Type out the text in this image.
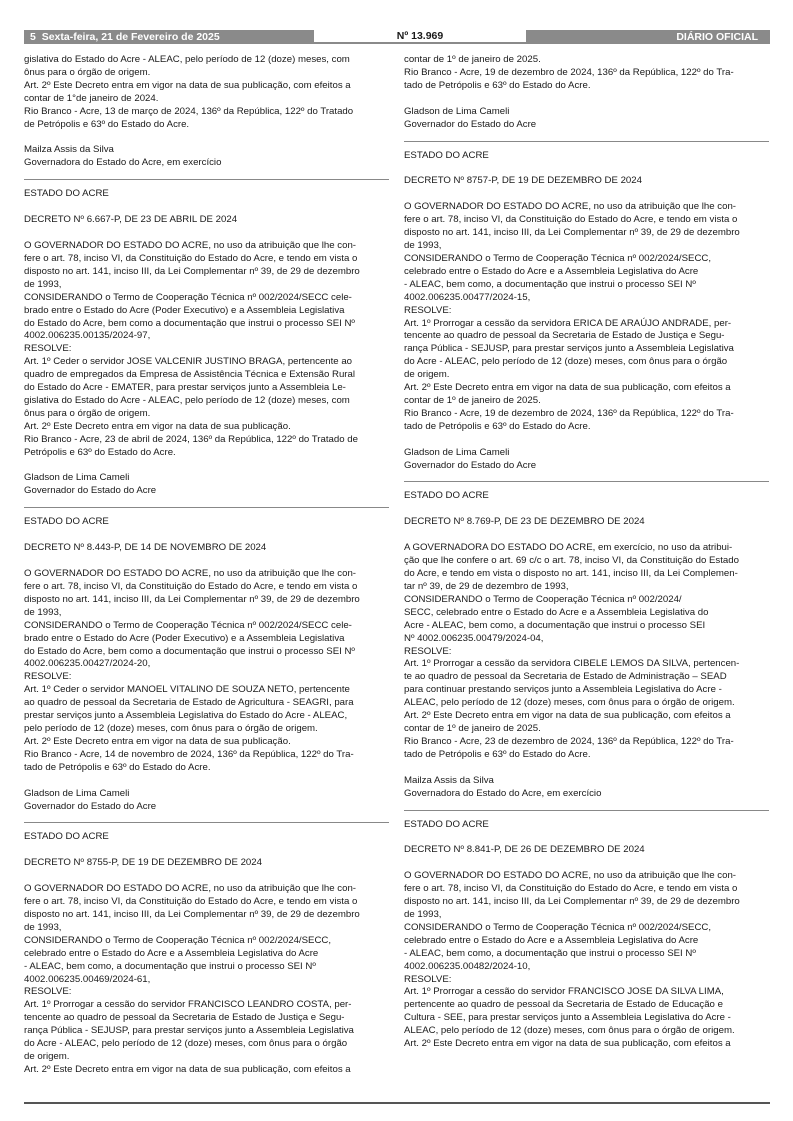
5 Sexta-feira, 21 de Fevereiro de 2025	Nº 13.969	DIÁRIO OFICIAL
gislativa do Estado do Acre - ALEAC, pelo período de 12 (doze) meses, com
ônus para o órgão de origem.
Art. 2º Este Decreto entra em vigor na data de sua publicação, com efeitos a
contar de 1°de janeiro de 2024.
Rio Branco - Acre, 13 de março de 2024, 136º da República, 122º do Tratado
de Petrópolis e 63º do Estado do Acre.
Mailza Assis da Silva
Governadora do Estado do Acre, em exercício
ESTADO DO ACRE
DECRETO Nº 6.667-P, DE 23 DE ABRIL DE 2024
O GOVERNADOR DO ESTADO DO ACRE, no uso da atribuição que lhe con-
fere o art. 78, inciso VI, da Constituição do Estado do Acre, e tendo em vista o
disposto no art. 141, inciso III, da Lei Complementar nº 39, de 29 de dezembro
de 1993,
CONSIDERANDO o Termo de Cooperação Técnica nº 002/2024/SECC cele-
brado entre o Estado do Acre (Poder Executivo) e a Assembleia Legislativa
do Estado do Acre, bem como a documentação que instrui o processo SEI Nº
4002.006235.00135/2024-97,
RESOLVE:
Art. 1º Ceder o servidor JOSE VALCENIR JUSTINO BRAGA, pertencente ao
quadro de empregados da Empresa de Assistência Técnica e Extensão Rural
do Estado do Acre - EMATER, para prestar serviços junto a Assembleia Le-
gislativa do Estado do Acre - ALEAC, pelo período de 12 (doze) meses, com
ônus para o órgão de origem.
Art. 2º Este Decreto entra em vigor na data de sua publicação.
Rio Branco - Acre, 23 de abril de 2024, 136º da República, 122º do Tratado de
Petrópolis e 63º do Estado do Acre.
Gladson de Lima Cameli
Governador do Estado do Acre
ESTADO DO ACRE
DECRETO Nº 8.443-P, DE 14 DE NOVEMBRO DE 2024
O GOVERNADOR DO ESTADO DO ACRE, no uso da atribuição que lhe con-
fere o art. 78, inciso VI, da Constituição do Estado do Acre, e tendo em vista o
disposto no art. 141, inciso III, da Lei Complementar nº 39, de 29 de dezembro
de 1993,
CONSIDERANDO o Termo de Cooperação Técnica nº 002/2024/SECC cele-
brado entre o Estado do Acre (Poder Executivo) e a Assembleia Legislativa
do Estado do Acre, bem como a documentação que instrui o processo SEI Nº
4002.006235.00427/2024-20,
RESOLVE:
Art. 1º Ceder o servidor MANOEL VITALINO DE SOUZA NETO, pertencente
ao quadro de pessoal da Secretaria de Estado de Agricultura - SEAGRI, para
prestar serviços junto a Assembleia Legislativa do Estado do Acre - ALEAC,
pelo período de 12 (doze) meses, com ônus para o órgão de origem.
Art. 2º Este Decreto entra em vigor na data de sua publicação.
Rio Branco - Acre, 14 de novembro de 2024, 136º da República, 122º do Tra-
tado de Petrópolis e 63º do Estado do Acre.
Gladson de Lima Cameli
Governador do Estado do Acre
ESTADO DO ACRE
DECRETO Nº 8755-P, DE 19 DE DEZEMBRO DE 2024
O GOVERNADOR DO ESTADO DO ACRE, no uso da atribuição que lhe con-
fere o art. 78, inciso VI, da Constituição do Estado do Acre, e tendo em vista o
disposto no art. 141, inciso III, da Lei Complementar nº 39, de 29 de dezembro
de 1993,
CONSIDERANDO o Termo de Cooperação Técnica nº 002/2024/SECC,
celebrado entre o Estado do Acre e a Assembleia Legislativa do Acre
- ALEAC, bem como, a documentação que instrui o processo SEI Nº
4002.006235.00469/2024-61,
RESOLVE:
Art. 1º Prorrogar a cessão do servidor FRANCISCO LEANDRO COSTA, per-
tencente ao quadro de pessoal da Secretaria de Estado de Justiça e Segu-
rança Pública - SEJUSP, para prestar serviços junto a Assembleia Legislativa
do Acre - ALEAC, pelo período de 12 (doze) meses, com ônus para o órgão
de origem.
Art. 2º Este Decreto entra em vigor na data de sua publicação, com efeitos a
contar de 1º de janeiro de 2025.
Rio Branco - Acre, 19 de dezembro de 2024, 136º da República, 122º do Tra-
tado de Petrópolis e 63º do Estado do Acre.
Gladson de Lima Cameli
Governador do Estado do Acre
ESTADO DO ACRE
DECRETO Nº 8757-P, DE 19 DE DEZEMBRO DE 2024
O GOVERNADOR DO ESTADO DO ACRE, no uso da atribuição que lhe con-
fere o art. 78, inciso VI, da Constituição do Estado do Acre, e tendo em vista o
disposto no art. 141, inciso III, da Lei Complementar nº 39, de 29 de dezembro
de 1993,
CONSIDERANDO o Termo de Cooperação Técnica nº 002/2024/SECC,
celebrado entre o Estado do Acre e a Assembleia Legislativa do Acre
- ALEAC, bem como, a documentação que instrui o processo SEI Nº
4002.006235.00477/2024-15,
RESOLVE:
Art. 1º Prorrogar a cessão da servidora ERICA DE ARAÚJO ANDRADE, per-
tencente ao quadro de pessoal da Secretaria de Estado de Justiça e Segu-
rança Pública - SEJUSP, para prestar serviços junto a Assembleia Legislativa
do Acre - ALEAC, pelo período de 12 (doze) meses, com ônus para o órgão
de origem.
Art. 2º Este Decreto entra em vigor na data de sua publicação, com efeitos a
contar de 1º de janeiro de 2025.
Rio Branco - Acre, 19 de dezembro de 2024, 136º da República, 122º do Tra-
tado de Petrópolis e 63º do Estado do Acre.
Gladson de Lima Cameli
Governador do Estado do Acre
ESTADO DO ACRE
DECRETO Nº 8.769-P, DE 23 DE DEZEMBRO DE 2024
A GOVERNADORA DO ESTADO DO ACRE, em exercício, no uso da atribui-
ção que lhe confere o art. 69 c/c o art. 78, inciso VI, da Constituição do Estado
do Acre, e tendo em vista o disposto no art. 141, inciso III, da Lei Complemen-
tar nº 39, de 29 de dezembro de 1993,
CONSIDERANDO o Termo de Cooperação Técnica nº 002/2024/
SECC, celebrado entre o Estado do Acre e a Assembleia Legislativa do
Acre - ALEAC, bem como, a documentação que instrui o processo SEI
Nº 4002.006235.00479/2024-04,
RESOLVE:
Art. 1º Prorrogar a cessão da servidora CIBELE LEMOS DA SILVA, pertencen-
te ao quadro de pessoal da Secretaria de Estado de Administração – SEAD
para continuar prestando serviços junto a Assembleia Legislativa do Acre -
ALEAC, pelo período de 12 (doze) meses, com ônus para o órgão de origem.
Art. 2º Este Decreto entra em vigor na data de sua publicação, com efeitos a
contar de 1º de janeiro de 2025.
Rio Branco - Acre, 23 de dezembro de 2024, 136º da República, 122º do Tra-
tado de Petrópolis e 63º do Estado do Acre.
Mailza Assis da Silva
Governadora do Estado do Acre, em exercício
ESTADO DO ACRE
DECRETO Nº 8.841-P, DE 26 DE DEZEMBRO DE 2024
O GOVERNADOR DO ESTADO DO ACRE, no uso da atribuição que lhe con-
fere o art. 78, inciso VI, da Constituição do Estado do Acre, e tendo em vista o
disposto no art. 141, inciso III, da Lei Complementar nº 39, de 29 de dezembro
de 1993,
CONSIDERANDO o Termo de Cooperação Técnica nº 002/2024/SECC,
celebrado entre o Estado do Acre e a Assembleia Legislativa do Acre
- ALEAC, bem como, a documentação que instrui o processo SEI Nº
4002.006235.00482/2024-10,
RESOLVE:
Art. 1º Prorrogar a cessão do servidor FRANCISCO JOSE DA SILVA LIMA,
pertencente ao quadro de pessoal da Secretaria de Estado de Educação e
Cultura - SEE, para prestar serviços junto a Assembleia Legislativa do Acre -
ALEAC, pelo período de 12 (doze) meses, com ônus para o órgão de origem.
Art. 2º Este Decreto entra em vigor na data de sua publicação, com efeitos a
